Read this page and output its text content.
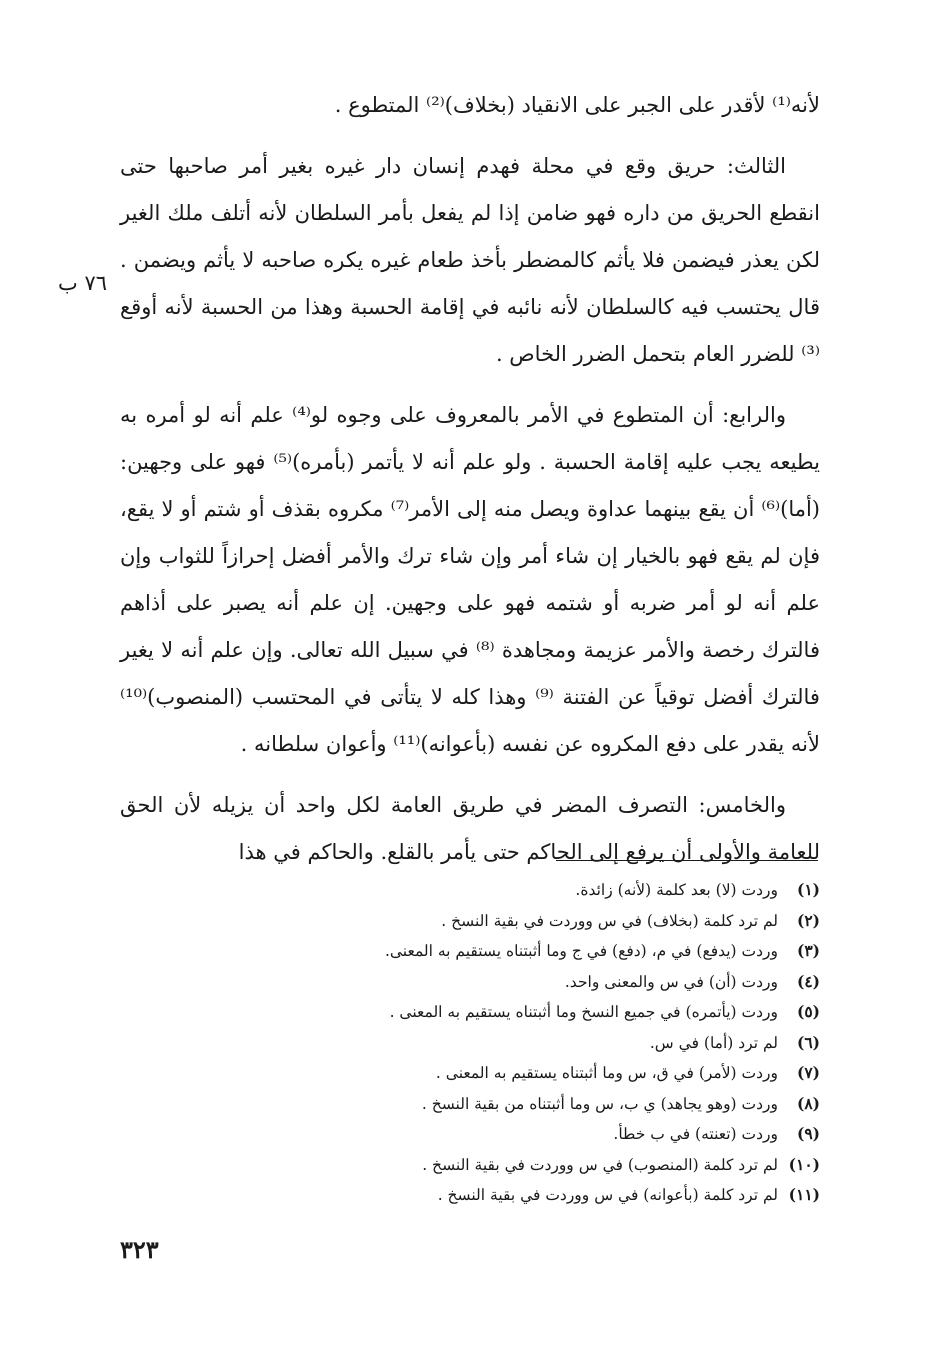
لأنه⁽¹⁾ لأقدر على الجبر على الانقياد (بخلاف)⁽²⁾ المتطوع .

الثالث: حريق وقع في محلة فهدم إنسان دار غيره بغير أمر صاحبها حتى انقطع الحريق من داره فهو ضامن إذا لم يفعل بأمر السلطان لأنه أتلف ملك الغير لكن يعذر فيضمن فلا يأثم كالمضطر بأخذ طعام غيره يكره صاحبه لا يأثم ويضمن . قال يحتسب فيه كالسلطان لأنه نائبه في إقامة الحسبة وهذا من الحسبة لأنه أوقع ⁽³⁾ للضرر العام بتحمل الضرر الخاص .

والرابع: أن المتطوع في الأمر بالمعروف على وجوه لو⁽⁴⁾ علم أنه لو أمره به يطيعه يجب عليه إقامة الحسبة . ولو علم أنه لا يأتمر (بأمره)⁽⁵⁾ فهو على وجهين: (أما)⁽⁶⁾ أن يقع بينهما عداوة ويصل منه إلى الأمر⁽⁷⁾ مكروه بقذف أو شتم أو لا يقع، فإن لم يقع فهو بالخيار إن شاء أمر وإن شاء ترك والأمر أفضل إحرازاً للثواب وإن علم أنه لو أمر ضربه أو شتمه فهو على وجهين. إن علم أنه يصبر على أذاهم فالترك رخصة والأمر عزيمة ومجاهدة ⁽⁸⁾ في سبيل الله تعالى. وإن علم أنه لا يغير فالترك أفضل توقياً عن الفتنة ⁽⁹⁾ وهذا كله لا يتأتى في المحتسب (المنصوب)⁽¹⁰⁾ لأنه يقدر على دفع المكروه عن نفسه (بأعوانه)⁽¹¹⁾ وأعوان سلطانه .

والخامس: التصرف المضر في طريق العامة لكل واحد أن يزيله لأن الحق للعامة والأولى أن يرفع إلى الحاكم حتى يأمر بالقلع. والحاكم في هذا

٧٦ ب
(١)
وردت (لا) بعد كلمة (لأنه) زائدة.
(٢)
لم ترد كلمة (بخلاف) في س ووردت في بقية النسخ .
(٣)
وردت (يدفع) في م، (دفع) في ج وما أثبتناه يستقيم به المعنى.
(٤)
وردت (أن) في س والمعنى واحد.
(٥)
وردت (يأتمره) في جميع النسخ وما أثبتناه يستقيم به المعنى .
(٦)
لم ترد (أما) في س.
(٧)
وردت (لأمر) في ق، س وما أثبتناه يستقيم به المعنى .
(٨)
وردت (وهو يجاهد) ي ب، س وما أثبتناه من بقية النسخ .
(٩)
وردت (تعنته) في ب خطأ.
(١٠)
لم ترد كلمة (المنصوب) في س ووردت في بقية النسخ .
(١١)
لم ترد كلمة (بأعوانه) في س ووردت في بقية النسخ .
٣٢٣
